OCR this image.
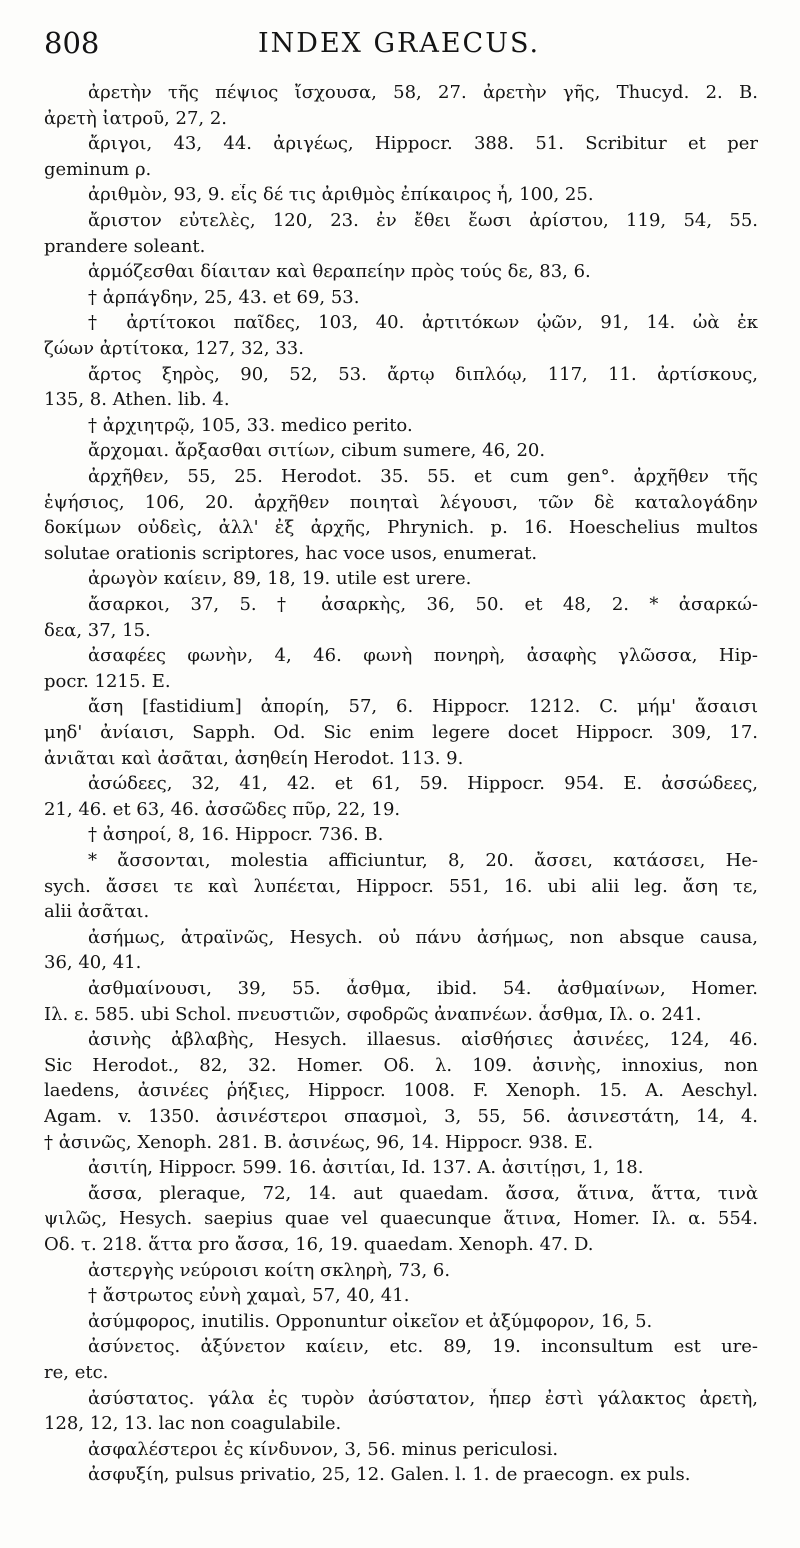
808	INDEX GRAECUS.
ἀρετὴν τῆς πέψιος ἴσχουσα, 58, 27. ἀρετὴν γῆς, Thucyd. 2. B.
ἀρετὴ ἰατροῦ, 27, 2.
ἄριγοι, 43, 44. ἀριγέως, Hippocr. 388. 51. Scribitur et per
geminum ρ.
ἀριθμὸν, 93, 9. εἶς δέ τις ἀριθμὸς ἐπίκαιρος ἦ, 100, 25.
ἄριστον εὐτελὲς, 120, 23. ἐν ἔθει ἔωσι ἀρίστου, 119, 54, 55.
prandere soleant.
ἁρμόζεσθαι δίαιταν καὶ θεραπείην πρὸς τούς δε, 83, 6.
† ἁρπάγδην, 25, 43. et 69, 53.
† ἀρτίτοκοι παῖδες, 103, 40. ἀρτιτόκων ᾠῶν, 91, 14. ὠὰ ἐκ
ζώων ἀρτίτοκα, 127, 32, 33.
ἄρτος ξηρὸς, 90, 52, 53. ἄρτῳ διπλόῳ, 117, 11. ἀρτίσκους,
135, 8. Athen. lib. 4.
† ἀρχιητρῷ, 105, 33. medico perito.
ἄρχομαι. ἄρξασθαι σιτίων, cibum sumere, 46, 20.
ἀρχῆθεν, 55, 25. Herodot. 35. 55. et cum gen°. ἀρχῆθεν τῆς
ἑψήσιος, 106, 20. ἀρχῆθεν ποιηταὶ λέγουσι, τῶν δὲ καταλογάδην
δοκίμων οὐδεὶς, ἀλλ' ἐξ ἀρχῆς, Phrynich. p. 16. Hoeschelius multos
solutae orationis scriptores, hac voce usos, enumerat.
ἀρωγὸν καίειν, 89, 18, 19. utile est urere.
ἄσαρκοι, 37, 5. † ἀσαρκὴς, 36, 50. et 48, 2. * ἀσαρκώ-
δεα, 37, 15.
ἀσαφέες φωνὴν, 4, 46. φωνὴ πονηρὴ, ἀσαφὴς γλῶσσα, Hip-
pocr. 1215. E.
ἄση [fastidium] ἀπορίη, 57, 6. Hippocr. 1212. C. μήμ' ἄσαισι
μηδ' ἀνίαισι, Sapph. Od. Sic enim legere docet Hippocr. 309, 17.
ἀνιᾶται καὶ ἀσᾶται, ἀσηθείη Herodot. 113. 9.
ἀσώδεες, 32, 41, 42. et 61, 59. Hippocr. 954. E. ἀσσώδεες,
21, 46. et 63, 46. ἀσσῶδες πῦρ, 22, 19.
† ἀσηροί, 8, 16. Hippocr. 736. B.
* ἄσσονται, molestia afficiuntur, 8, 20. ἄσσει, κατάσσει, He-
sych. ἄσσει τε καὶ λυπέεται, Hippocr. 551, 16. ubi alii leg. ἄση τε,
alii ἀσᾶται.
ἀσήμως, ἀτραϊνῶς, Hesych. οὐ πάνυ ἀσήμως, non absque causa,
36, 40, 41.
ἀσθμαίνουσι, 39, 55. ἆσθμα, ibid. 54. ἀσθμαίνων, Homer.
Ιλ. ε. 585. ubi Schol. πνευστιῶν, σφοδρῶς ἀναπνέων. ἆσθμα, Ιλ. ο. 241.
ἀσινὴς ἀβλαβὴς, Hesych. illaesus. αἰσθήσιες ἀσινέες, 124, 46.
Sic Herodot., 82, 32. Homer. Οδ. λ. 109. ἀσινὴς, innoxius, non
laedens, ἀσινέες ῥήξιες, Hippocr. 1008. F. Xenoph. 15. A. Aeschyl.
Agam. v. 1350. ἀσινέστεροι σπασμοὶ, 3, 55, 56. ἀσινεστάτη, 14, 4.
† ἀσινῶς, Xenoph. 281. B. ἀσινέως, 96, 14. Hippocr. 938. E.
ἀσιτίη, Hippocr. 599. 16. ἀσιτίαι, Id. 137. A. ἀσιτίῃσι, 1, 18.
ἄσσα, pleraque, 72, 14. aut quaedam. ἄσσα, ἅτινα, ἅττα, τινὰ
ψιλῶς, Hesych. saepius quae vel quaecunque ἅτινα, Homer. Ιλ. α. 554.
Οδ. τ. 218. ἅττα pro ἄσσα, 16, 19. quaedam. Xenoph. 47. D.
ἀστεργὴς νεύροισι κοίτη σκληρὴ, 73, 6.
† ἄστρωτος εὐνὴ χαμαὶ, 57, 40, 41.
ἀσύμφορος, inutilis. Opponuntur οἰκεῖον et ἀξύμφορον, 16, 5.
ἀσύνετος. ἀξύνετον καίειν, etc. 89, 19. inconsultum est ure-
re, etc.
ἀσύστατος. γάλα ἐς τυρὸν ἀσύστατον, ἧπερ ἐστὶ γάλακτος ἀρετὴ,
128, 12, 13. lac non coagulabile.
ἀσφαλέστεροι ἐς κίνδυνον, 3, 56. minus periculosi.
ἀσφυξίη, pulsus privatio, 25, 12. Galen. l. 1. de praecogn. ex puls.
